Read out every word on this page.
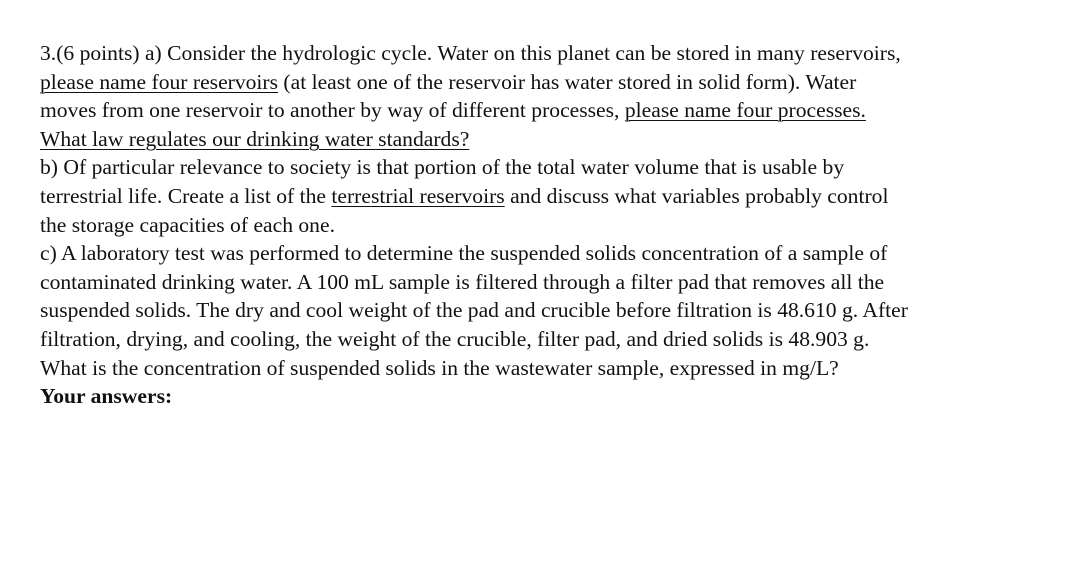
3.(6 points) a) Consider the hydrologic cycle. Water on this planet can be stored in many reservoirs,
please name four reservoirs (at least one of the reservoir has water stored in solid form). Water
moves from one reservoir to another by way of different processes, please name four processes.
What law regulates our drinking water standards?
b) Of particular relevance to society is that portion of the total water volume that is usable by
terrestrial life. Create a list of the terrestrial reservoirs and discuss what variables probably control
the storage capacities of each one.
c) A laboratory test was performed to determine the suspended solids concentration of a sample of
contaminated drinking water. A 100 mL sample is filtered through a filter pad that removes all the
suspended solids. The dry and cool weight of the pad and crucible before filtration is 48.610 g. After
filtration, drying, and cooling, the weight of the crucible, filter pad, and dried solids is 48.903 g.
What is the concentration of suspended solids in the wastewater sample, expressed in mg/L?
Your answers:
